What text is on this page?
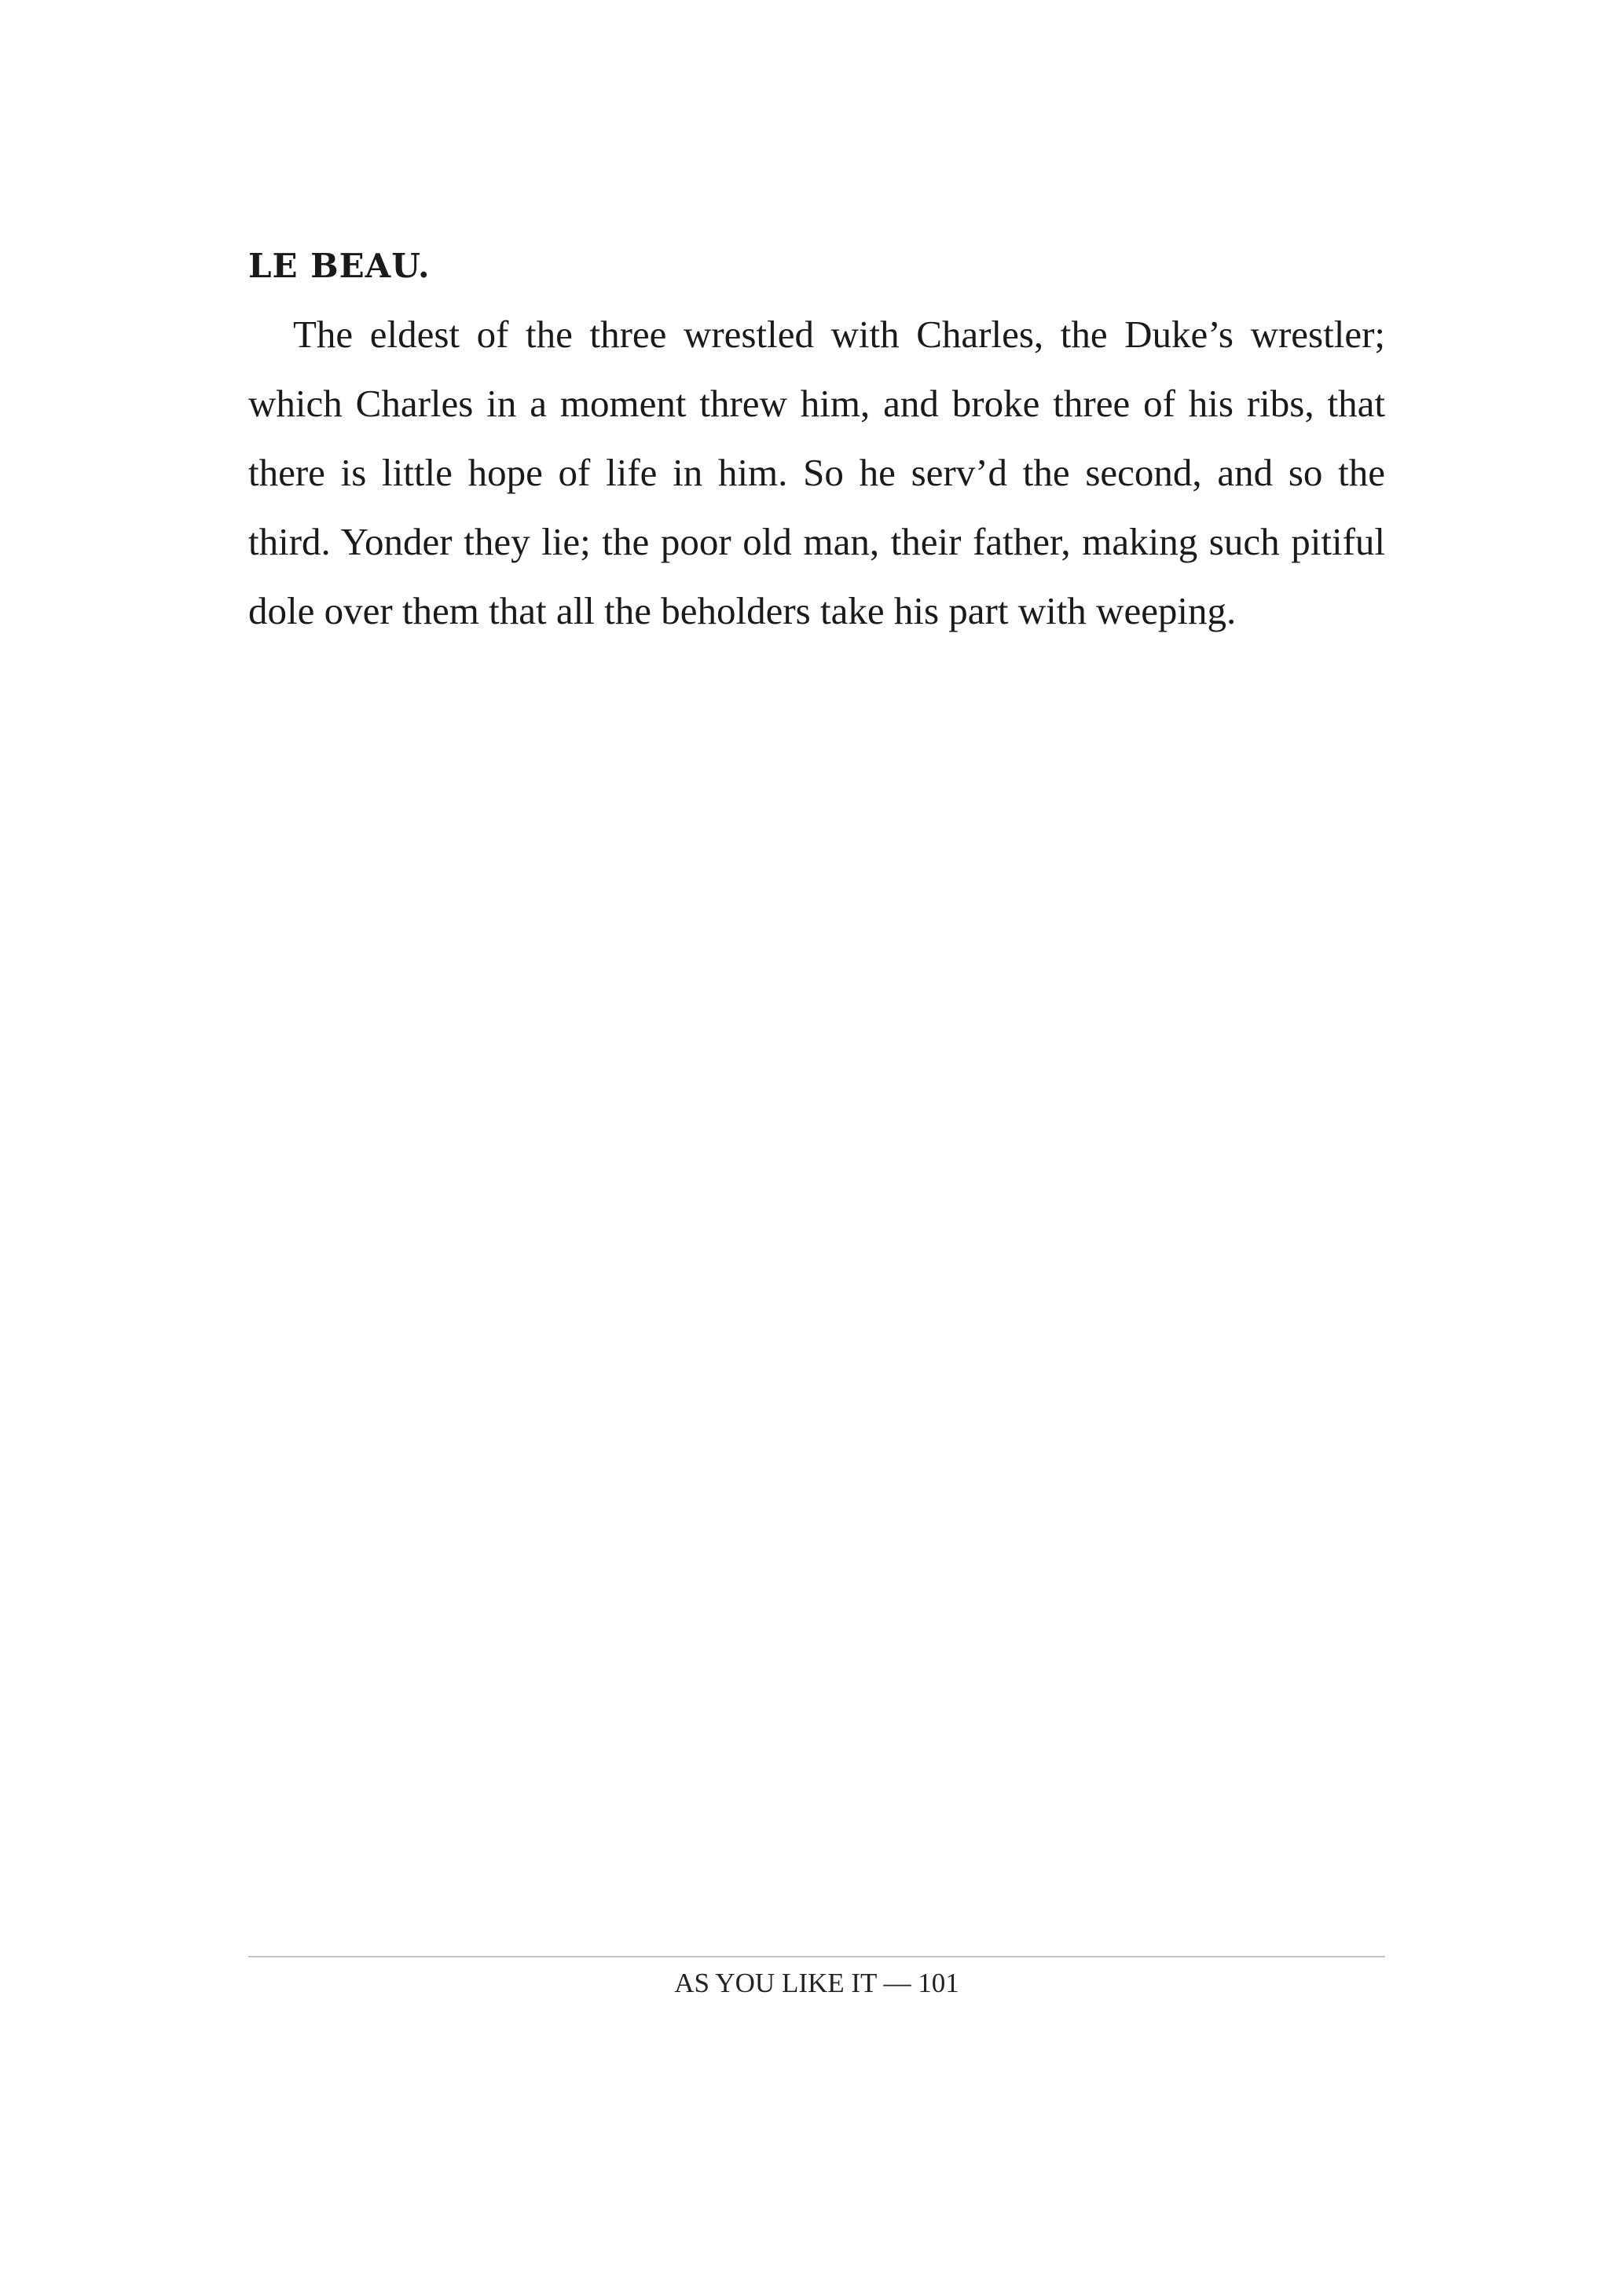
LE BEAU.

The eldest of the three wrestled with Charles, the Duke’s wrestler; which Charles in a moment threw him, and broke three of his ribs, that there is little hope of life in him. So he serv’d the second, and so the third. Yonder they lie; the poor old man, their father, making such pitiful dole over them that all the beholders take his part with weeping.

AS YOU LIKE IT — 101
